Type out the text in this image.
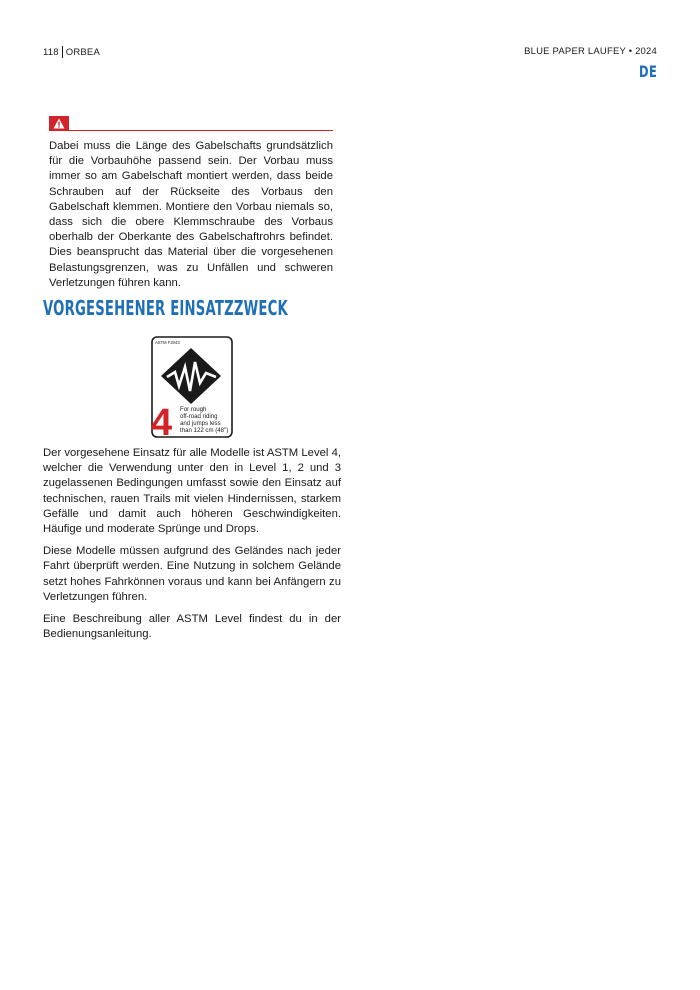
118 ORBEA	BLUE PAPER LAUFEY • 2024
DE
Dabei muss die Länge des Gabelschafts grundsätzlich für die Vorbauhöhe passend sein. Der Vorbau muss immer so am Gabelschaft montiert werden, dass beide Schrauben auf der Rückseite des Vorbaus den Gabelschaft klemmen. Montiere den Vorbau niemals so, dass sich die obere Klemmschraube des Vorbaus oberhalb der Oberkante des Gabelschaftrohrs befindet. Dies beansprucht das Material über die vorgesehenen Belastungsgrenzen, was zu Unfällen und schweren Verletzungen führen kann.
VORGESEHENER EINSATZZWECK
ASTM F2043
4 For rough
off-road riding
and jumps less
than 122 cm (48")

Der vorgesehene Einsatz für alle Modelle ist ASTM Level 4, welcher die Verwendung unter den in Level 1, 2 und 3 zugelassenen Bedingungen umfasst sowie den Einsatz auf technischen, rauen Trails mit vielen Hindernissen, starkem Gefälle und damit auch höheren Geschwindigkeiten. Häufige und moderate Sprünge und Drops.

Diese Modelle müssen aufgrund des Geländes nach jeder Fahrt überprüft werden. Eine Nutzung in solchem Gelände setzt hohes Fahrkönnen voraus und kann bei Anfängern zu Verletzungen führen.

Eine Beschreibung aller ASTM Level findest du in der Bedienungsanleitung.
